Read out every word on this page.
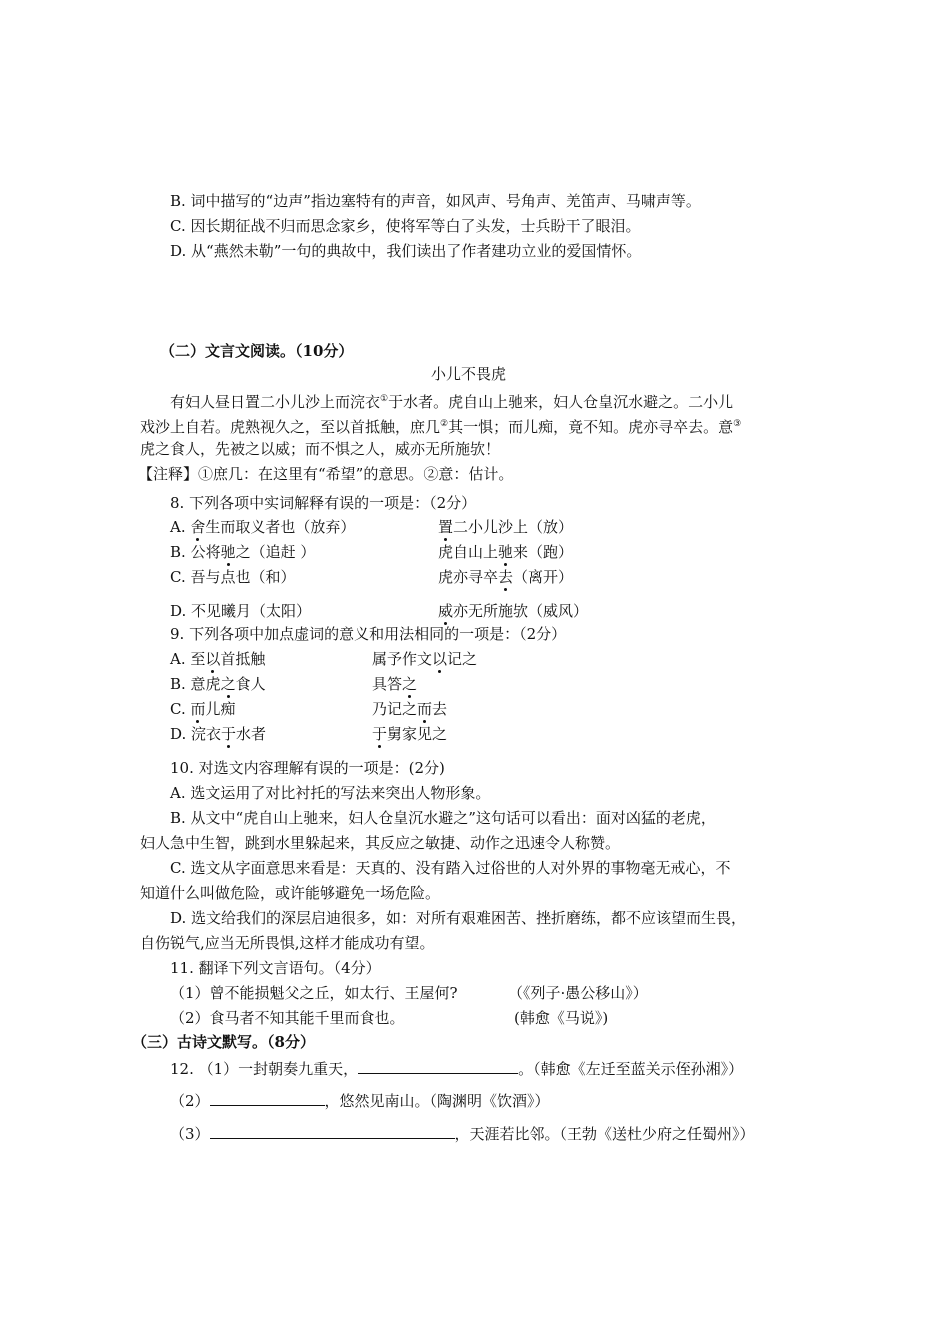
B. 词中描写的“边声”指边塞特有的声音，如风声、号角声、羌笛声、马啸声等。
C. 因长期征战不归而思念家乡，使将军等白了头发，士兵盼干了眼泪。
D. 从“燕然未勒”一句的典故中，我们读出了作者建功立业的爱国情怀。
（二）文言文阅读。（10分）
小儿不畏虎
有妇人昼日置二小儿沙上而浣衣①于水者。虎自山上驰来，妇人仓皇沉水避之。二小儿
戏沙上自若。虎熟视久之，至以首抵触，庶几②其一惧；而儿痴，竟不知。虎亦寻卒去。意③
虎之食人，先被之以威；而不惧之人，威亦无所施欤！
【注释】①庶几：在这里有“希望”的意思。②意：估计。
8. 下列各项中实词解释有误的一项是：（2分）
A. 舍生而取义者也（放弃）	置二小儿沙上（放）
B. 公将驰之（追赶 ）	虎自山上驰来（跑）
C. 吾与点也（和）	虎亦寻卒去（离开）
D. 不见曦月（太阳）	威亦无所施欤（威风）
9. 下列各项中加点虚词的意义和用法相同的一项是：（2分）
A. 至以首抵触	属予作文以记之
B. 意虎之食人	具答之
C. 而儿痴	乃记之而去
D. 浣衣于水者	于舅家见之
10. 对选文内容理解有误的一项是：(2分)
A. 选文运用了对比衬托的写法来突出人物形象。
B. 从文中“虎自山上驰来，妇人仓皇沉水避之”这句话可以看出：面对凶猛的老虎，
妇人急中生智，跳到水里躲起来，其反应之敏捷、动作之迅速令人称赞。
C. 选文从字面意思来看是：天真的、没有踏入过俗世的人对外界的事物毫无戒心，不
知道什么叫做危险，或许能够避免一场危险。
D. 选文给我们的深层启迪很多，如：对所有艰难困苦、挫折磨练，都不应该望而生畏，
自伤锐气,应当无所畏惧,这样才能成功有望。
11. 翻译下列文言语句。（4分）
（1）曾不能损魁父之丘，如太行、王屋何?	（《列子·愚公移山》）
（2）食马者不知其能千里而食也。	(韩愈《马说》)
（三）古诗文默写。（8分）
12. （1）一封朝奏九重天，	。（韩愈《左迁至蓝关示侄孙湘》）
（2）	，悠然见南山。（陶渊明《饮酒》）
（3）	，天涯若比邻。（王勃《送杜少府之任蜀州》）
